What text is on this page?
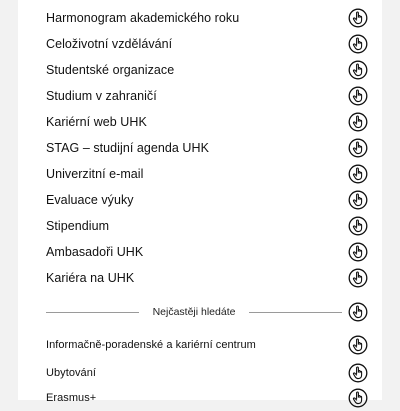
Harmonogram akademického roku
Celoživotní vzdělávání
Studentské organizace
Studium v zahraničí
Kariérní web UHK
STAG – studijní agenda UHK
Univerzitní e-mail
Evaluace výuky
Stipendium
Ambasadoři UHK
Kariéra na UHK
Nejčastěji hledáte
Informačně-poradenské a kariérní centrum
Ubytování
Erasmus+
